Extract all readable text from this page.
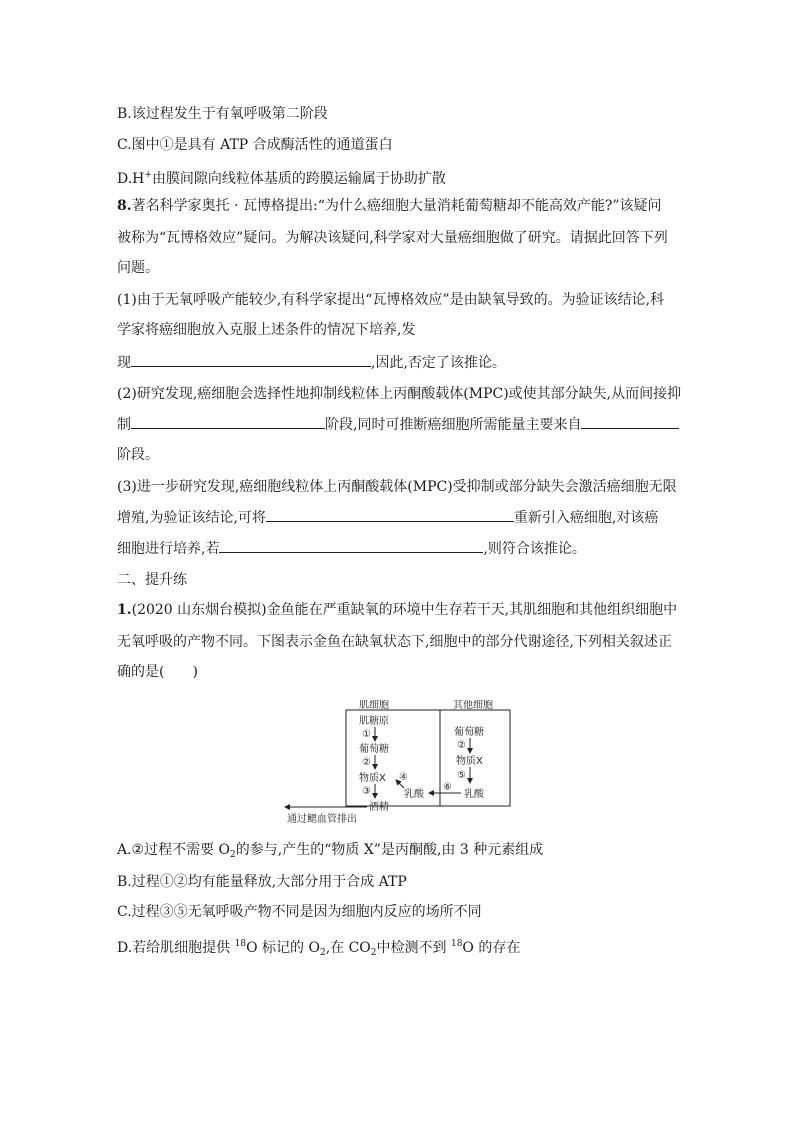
B.该过程发生于有氧呼吸第二阶段
C.图中①是具有 ATP 合成酶活性的通道蛋白
D.H+由膜间隙向线粒体基质的跨膜运输属于协助扩散
8.著名科学家奥托 · 瓦博格提出:“为什么癌细胞大量消耗葡萄糖却不能高效产能?”该疑问
被称为“瓦博格效应”疑问。为解决该疑问,科学家对大量癌细胞做了研究。请据此回答下列
问题。
(1)由于无氧呼吸产能较少,有科学家提出“瓦博格效应”是由缺氧导致的。为验证该结论,科
学家将癌细胞放入克服上述条件的情况下培养,发
现	,因此,否定了该推论。
(2)研究发现,癌细胞会选择性地抑制线粒体上丙酮酸载体(MPC)或使其部分缺失,从而间接抑
制	阶段,同时可推断癌细胞所需能量主要来自
阶段。
(3)进一步研究发现,癌细胞线粒体上丙酮酸载体(MPC)受抑制或部分缺失会激活癌细胞无限
增殖,为验证该结论,可将	重新引入癌细胞,对该癌
细胞进行培养,若	,则符合该推论。
二、提升练
1.(2020 山东烟台模拟)金鱼能在严重缺氧的环境中生存若干天,其肌细胞和其他组织细胞中
无氧呼吸的产物不同。下图表示金鱼在缺氧状态下,细胞中的部分代谢途径,下列相关叙述正
确的是(　　)
肌细胞	其他细胞
肌糖原
①
葡萄糖
②
物质X
③
酒精
④
乳酸
葡萄糖
②
物质X
⑤
乳酸
⑥
通过鳃血管排出
A.②过程不需要 $O_2$的参与,产生的“物质 X”是丙酮酸,由 3 种元素组成
B.过程①②均有能量释放,大部分用于合成 ATP
C.过程③⑤无氧呼吸产物不同是因为细胞内反应的场所不同
D.若给肌细胞提供 $^{18}$O 标记的 $O_2$,在 $CO_2$中检测不到 $^{18}$O 的存在
